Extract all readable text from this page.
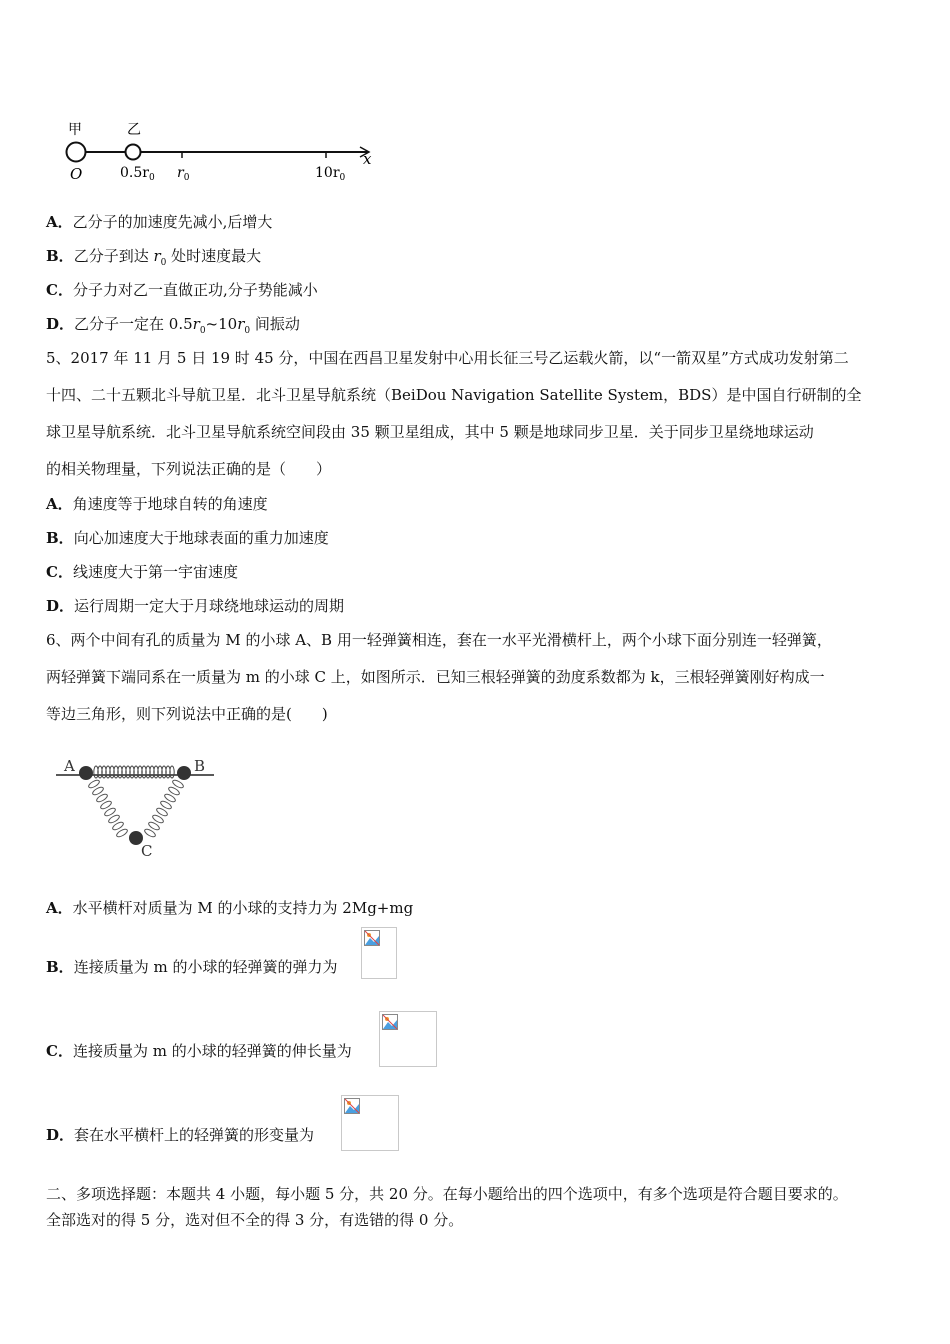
甲	乙
x
O	$0.5r_0$ $r_0$	$10r_0$
A．乙分子的加速度先减小,后增大
B．乙分子到达 $r_0$ 处时速度最大
C．分子力对乙一直做正功,分子势能减小
D．乙分子一定在 $0.5r_0\sim 10r_0$ 间振动
5、2017 年 11 月 5 日 19 时 45 分，中国在西昌卫星发射中心用长征三号乙运载火箭，以“一箭双星”方式成功发射第二
十四、二十五颗北斗导航卫星．北斗卫星导航系统（BeiDou Navigation Satellite System，BDS）是中国自行研制的全
球卫星导航系统．北斗卫星导航系统空间段由 35 颗卫星组成，其中 5 颗是地球同步卫星．关于同步卫星绕地球运动
的相关物理量，下列说法正确的是（　　）
A．角速度等于地球自转的角速度
B．向心加速度大于地球表面的重力加速度
C．线速度大于第一宇宙速度
D．运行周期一定大于月球绕地球运动的周期
6、两个中间有孔的质量为 M 的小球 A、B 用一轻弹簧相连，套在一水平光滑横杆上，两个小球下面分别连一轻弹簧，
两轻弹簧下端同系在一质量为 m 的小球 C 上，如图所示．已知三根轻弹簧的劲度系数都为 k，三根轻弹簧刚好构成一
等边三角形，则下列说法中正确的是(　　)
A	B
C
A．水平横杆对质量为 M 的小球的支持力为 2Mg+mg
B．连接质量为 m 的小球的轻弹簧的弹力为
C．连接质量为 m 的小球的轻弹簧的伸长量为
D．套在水平横杆上的轻弹簧的形变量为
二、多项选择题：本题共 4 小题，每小题 5 分，共 20 分。在每小题给出的四个选项中，有多个选项是符合题目要求的。
全部选对的得 5 分，选对但不全的得 3 分，有选错的得 0 分。
